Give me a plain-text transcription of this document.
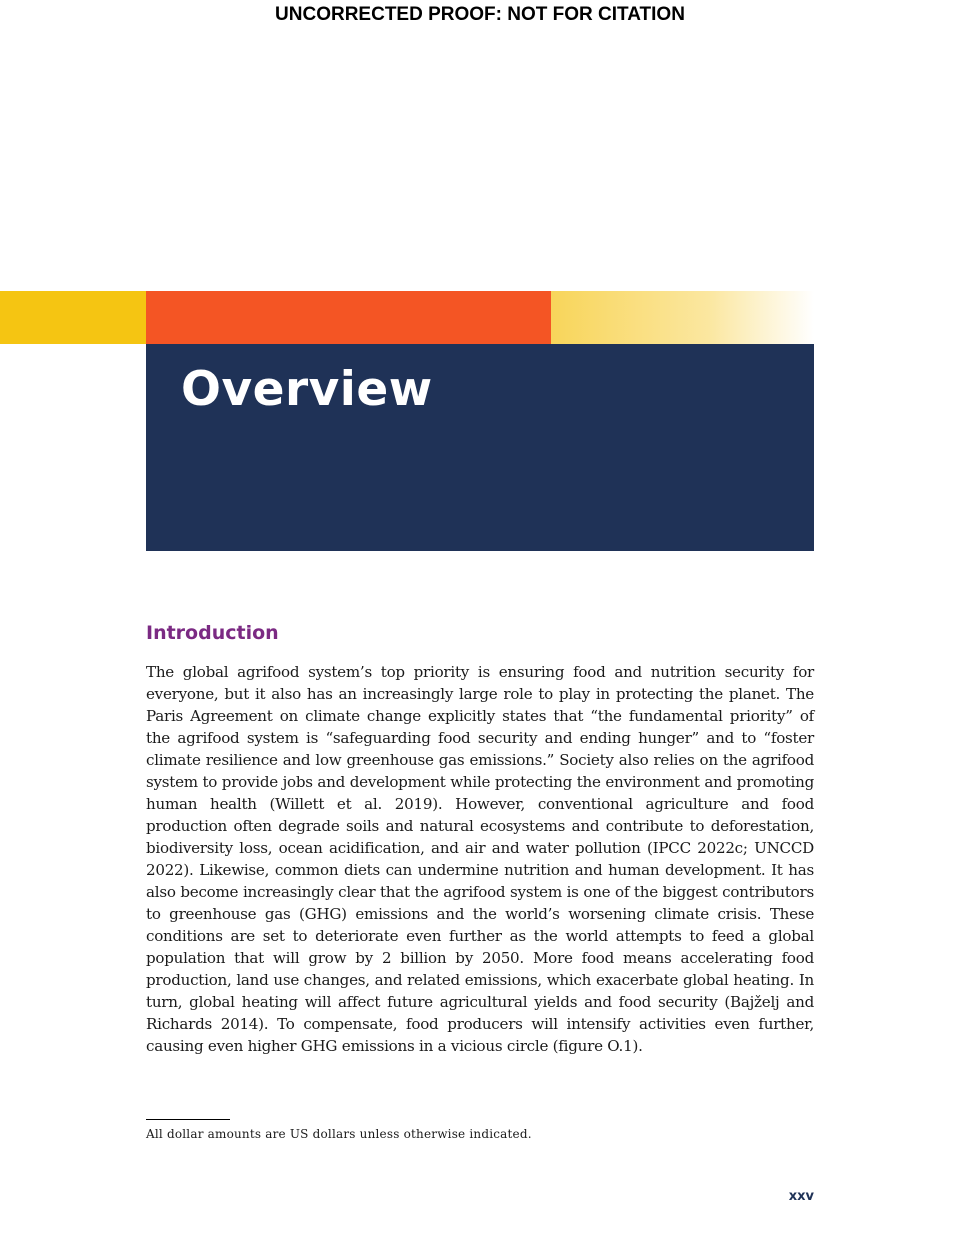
UNCORRECTED PROOF: NOT FOR CITATION
Overview
Introduction

The global agrifood system’s top priority is ensuring food and nutrition security for everyone, but it also has an increasingly large role to play in protecting the planet. The Paris Agreement on climate change explicitly states that “the fundamental priority” of the agrifood system is “safeguarding food security and ending hunger” and to “foster climate resilience and low greenhouse gas emissions.” Society also relies on the agrifood system to provide jobs and development while protecting the environment and promoting human health (Willett et al. 2019). However, conventional agriculture and food production often degrade soils and natural ecosystems and contribute to deforestation, biodiversity loss, ocean acidification, and air and water pollution (IPCC 2022c; UNCCD 2022). Likewise, common diets can undermine nutrition and human development. It has also become increasingly clear that the agrifood system is one of the biggest contributors to greenhouse gas (GHG) emissions and the world’s worsening climate crisis. These conditions are set to deteriorate even further as the world attempts to feed a global population that will grow by 2 billion by 2050. More food means accelerating food production, land use changes, and related emissions, which exacerbate global heating. In turn, global heating will affect future agricultural yields and food security (Bajželj and Richards 2014). To compensate, food producers will intensify activities even further, causing even higher GHG emissions in a vicious circle (figure O.1).

All dollar amounts are US dollars unless otherwise indicated.
xxv
